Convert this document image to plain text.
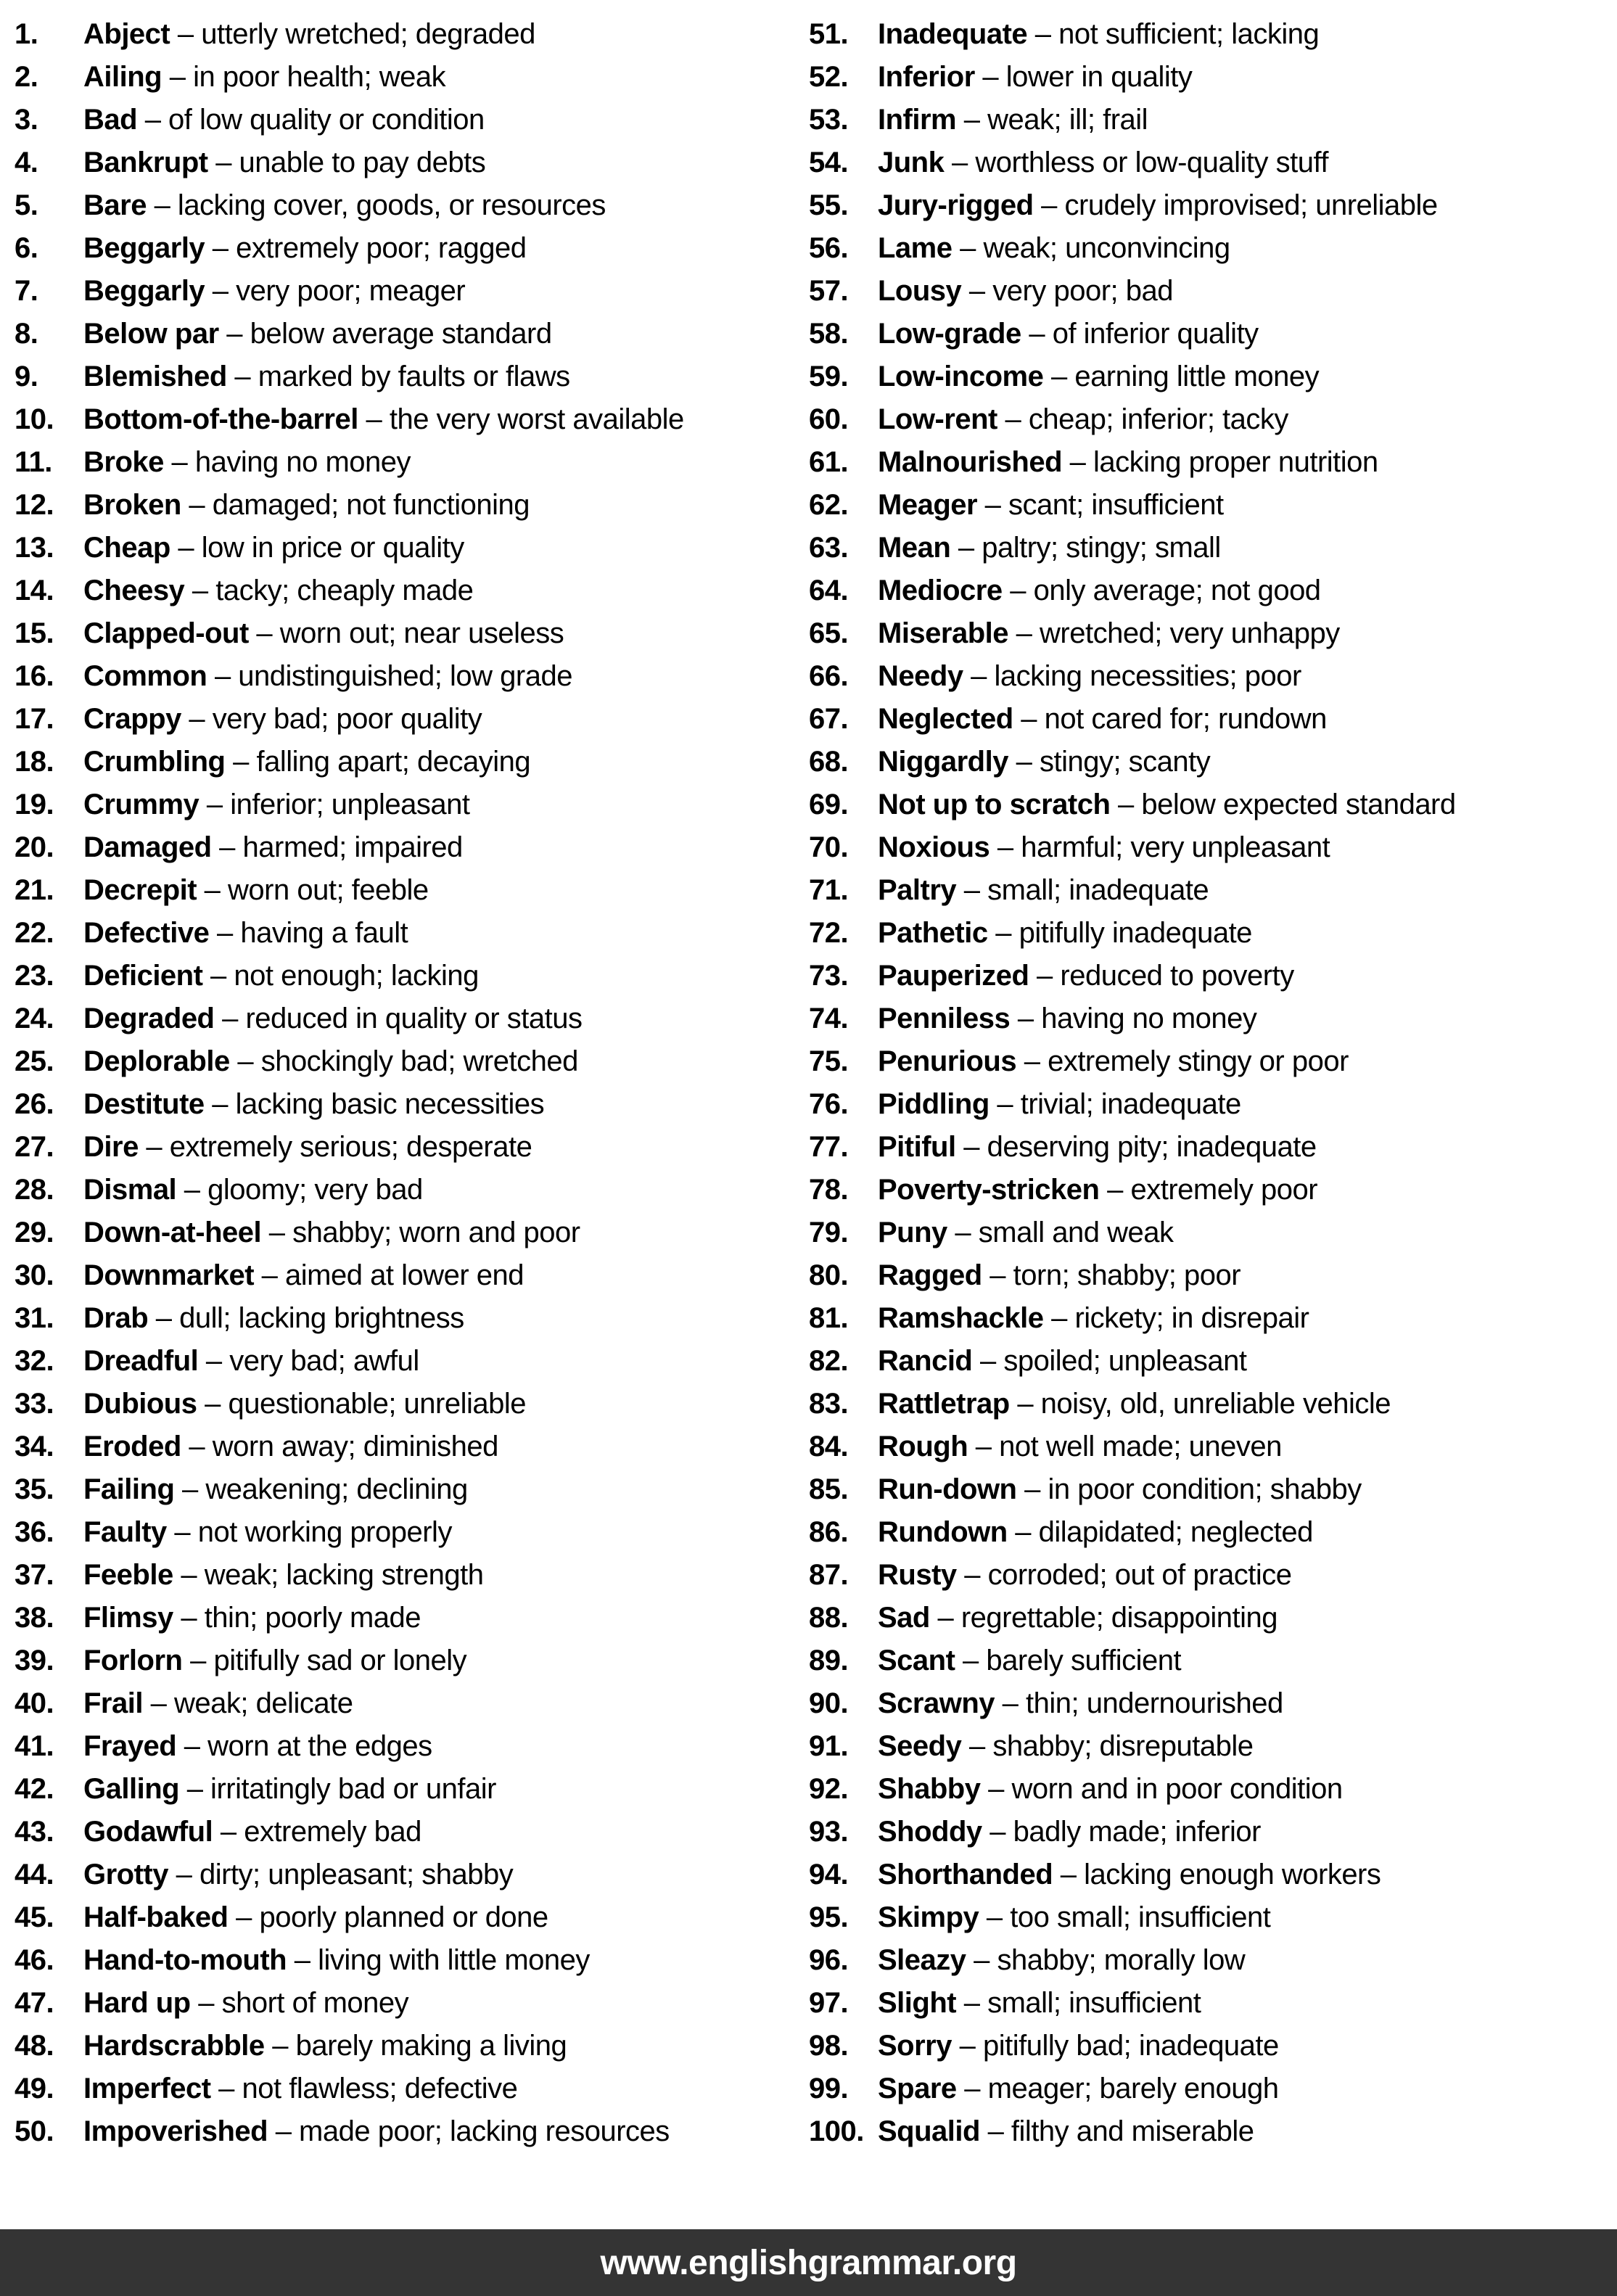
1.	Abject – utterly wretched; degraded
2.	Ailing – in poor health; weak
3.	Bad – of low quality or condition
4.	Bankrupt – unable to pay debts
5.	Bare – lacking cover, goods, or resources
6.	Beggarly – extremely poor; ragged
7.	Beggarly – very poor; meager
8.	Below par – below average standard
9.	Blemished – marked by faults or flaws
10.	Bottom-of-the-barrel – the very worst available
11.	Broke – having no money
12.	Broken – damaged; not functioning
13.	Cheap – low in price or quality
14.	Cheesy – tacky; cheaply made
15.	Clapped-out – worn out; near useless
16.	Common – undistinguished; low grade
17.	Crappy – very bad; poor quality
18.	Crumbling – falling apart; decaying
19.	Crummy – inferior; unpleasant
20.	Damaged – harmed; impaired
21.	Decrepit – worn out; feeble
22.	Defective – having a fault
23.	Deficient – not enough; lacking
24.	Degraded – reduced in quality or status
25.	Deplorable – shockingly bad; wretched
26.	Destitute – lacking basic necessities
27.	Dire – extremely serious; desperate
28.	Dismal – gloomy; very bad
29.	Down-at-heel – shabby; worn and poor
30.	Downmarket – aimed at lower end
31.	Drab – dull; lacking brightness
32.	Dreadful – very bad; awful
33.	Dubious – questionable; unreliable
34.	Eroded – worn away; diminished
35.	Failing – weakening; declining
36.	Faulty – not working properly
37.	Feeble – weak; lacking strength
38.	Flimsy – thin; poorly made
39.	Forlorn – pitifully sad or lonely
40.	Frail – weak; delicate
41.	Frayed – worn at the edges
42.	Galling – irritatingly bad or unfair
43.	Godawful – extremely bad
44.	Grotty – dirty; unpleasant; shabby
45.	Half-baked – poorly planned or done
46.	Hand-to-mouth – living with little money
47.	Hard up – short of money
48.	Hardscrabble – barely making a living
49.	Imperfect – not flawless; defective
50.	Impoverished – made poor; lacking resources
51.	Inadequate – not sufficient; lacking
52.	Inferior – lower in quality
53.	Infirm – weak; ill; frail
54.	Junk – worthless or low-quality stuff
55.	Jury-rigged – crudely improvised; unreliable
56.	Lame – weak; unconvincing
57.	Lousy – very poor; bad
58.	Low-grade – of inferior quality
59.	Low-income – earning little money
60.	Low-rent – cheap; inferior; tacky
61.	Malnourished – lacking proper nutrition
62.	Meager – scant; insufficient
63.	Mean – paltry; stingy; small
64.	Mediocre – only average; not good
65.	Miserable – wretched; very unhappy
66.	Needy – lacking necessities; poor
67.	Neglected – not cared for; rundown
68.	Niggardly – stingy; scanty
69.	Not up to scratch – below expected standard
70.	Noxious – harmful; very unpleasant
71.	Paltry – small; inadequate
72.	Pathetic – pitifully inadequate
73.	Pauperized – reduced to poverty
74.	Penniless – having no money
75.	Penurious – extremely stingy or poor
76.	Piddling – trivial; inadequate
77.	Pitiful – deserving pity; inadequate
78.	Poverty-stricken – extremely poor
79.	Puny – small and weak
80.	Ragged – torn; shabby; poor
81.	Ramshackle – rickety; in disrepair
82.	Rancid – spoiled; unpleasant
83.	Rattletrap – noisy, old, unreliable vehicle
84.	Rough – not well made; uneven
85.	Run-down – in poor condition; shabby
86.	Rundown – dilapidated; neglected
87.	Rusty – corroded; out of practice
88.	Sad – regrettable; disappointing
89.	Scant – barely sufficient
90.	Scrawny – thin; undernourished
91.	Seedy – shabby; disreputable
92.	Shabby – worn and in poor condition
93.	Shoddy – badly made; inferior
94.	Shorthanded – lacking enough workers
95.	Skimpy – too small; insufficient
96.	Sleazy – shabby; morally low
97.	Slight – small; insufficient
98.	Sorry – pitifully bad; inadequate
99.	Spare – meager; barely enough
100. Squalid – filthy and miserable
www.englishgrammar.org
